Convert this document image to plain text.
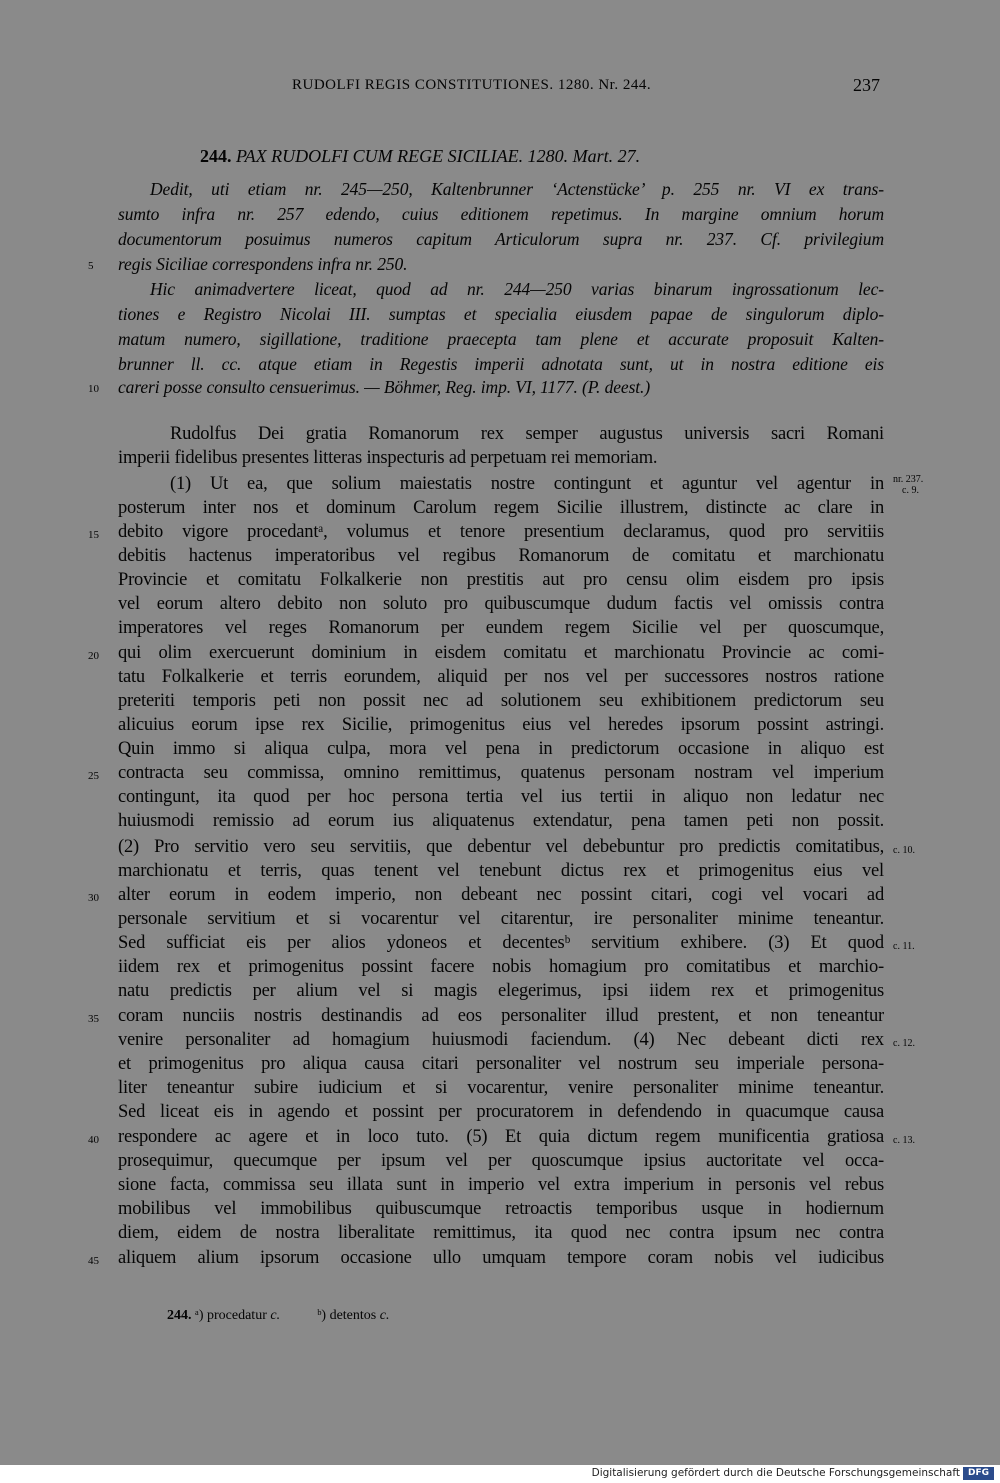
RUDOLFI REGIS CONSTITUTIONES. 1280. Nr. 244.	237
244. PAX RUDOLFI CUM REGE SICILIAE. 1280. Mart. 27.
Dedit, uti etiam nr. 245—250, Kaltenbrunner ‘Actenstücke’ p. 255 nr. VI ex trans-
sumto infra nr. 257 edendo, cuius editionem repetimus. In margine omnium horum
documentorum posuimus numeros capitum Articulorum supra nr. 237. Cf. privilegium
regis Siciliae correspondens infra nr. 250.
Hic animadvertere liceat, quod ad nr. 244—250 varias binarum ingrossationum lec-
tiones e Registro Nicolai III. sumptas et specialia eiusdem papae de singulorum diplo-
matum numero, sigillatione, traditione praecepta tam plene et accurate proposuit Kalten-
brunner ll. cc. atque etiam in Regestis imperii adnotata sunt, ut in nostra editione eis
careri posse consulto censuerimus. — Böhmer, Reg. imp. VI, 1177. (P. deest.)
Rudolfus Dei gratia Romanorum rex semper augustus universis sacri Romani
imperii fidelibus presentes litteras inspecturis ad perpetuam rei memoriam.
(1) Ut ea, que solium maiestatis nostre contingunt et aguntur vel agentur in
posterum inter nos et dominum Carolum regem Sicilie illustrem, distincte ac clare in
debito vigore procedantᵃ, volumus et tenore presentium declaramus, quod pro servitiis
debitis hactenus imperatoribus vel regibus Romanorum de comitatu et marchionatu
Provincie et comitatu Folkalkerie non prestitis aut pro censu olim eisdem pro ipsis
vel eorum altero debito non soluto pro quibuscumque dudum factis vel omissis contra
imperatores vel reges Romanorum per eundem regem Sicilie vel per quoscumque,
qui olim exercuerunt dominium in eisdem comitatu et marchionatu Provincie ac comi-
tatu Folkalkerie et terris eorundem, aliquid per nos vel per successores nostros ratione
preteriti temporis peti non possit nec ad solutionem seu exhibitionem predictorum seu
alicuius eorum ipse rex Sicilie, primogenitus eius vel heredes ipsorum possint astringi.
Quin immo si aliqua culpa, mora vel pena in predictorum occasione in aliquo est
contracta seu commissa, omnino remittimus, quatenus personam nostram vel imperium
contingunt, ita quod per hoc persona tertia vel ius tertii in aliquo non ledatur nec
huiusmodi remissio ad eorum ius aliquatenus extendatur, pena tamen peti non possit.
(2) Pro servitio vero seu servitiis, que debentur vel debebuntur pro predictis comitatibus,
marchionatu et terris, quas tenent vel tenebunt dictus rex et primogenitus eius vel
alter eorum in eodem imperio, non debeant nec possint citari, cogi vel vocari ad
personale servitium et si vocarentur vel citarentur, ire personaliter minime teneantur.
Sed sufficiat eis per alios ydoneos et decentesᵇ servitium exhibere. (3) Et quod
iidem rex et primogenitus possint facere nobis homagium pro comitatibus et marchio-
natu predictis per alium vel si magis elegerimus, ipsi iidem rex et primogenitus
coram nunciis nostris destinandis ad eos personaliter illud prestent, et non teneantur
venire personaliter ad homagium huiusmodi faciendum. (4) Nec debeant dicti rex
et primogenitus pro aliqua causa citari personaliter vel nostrum seu imperiale persona-
liter teneantur subire iudicium et si vocarentur, venire personaliter minime teneantur.
Sed liceat eis in agendo et possint per procuratorem in defendendo in quacumque causa
respondere ac agere et in loco tuto. (5) Et quia dictum regem munificentia gratiosa
prosequimur, quecumque per ipsum vel per quoscumque ipsius auctoritate vel occa-
sione facta, commissa seu illata sunt in imperio vel extra imperium in personis vel rebus
mobilibus vel immobilibus quibuscumque retroactis temporibus usque in hodiernum
diem, eidem de nostra liberalitate remittimus, ita quod nec contra ipsum nec contra
aliquem alium ipsorum occasione ullo umquam tempore coram nobis vel iudicibus
5
10
15
20
25
30
35
40
45
nr. 237.
c. 9.
c. 10.
c. 11.
c. 12.
c. 13.
244. ᵃ) procedatur c.	ᵇ) detentos c.
Digitalisierung gefördert durch die Deutsche Forschungsgemeinschaft DFG
